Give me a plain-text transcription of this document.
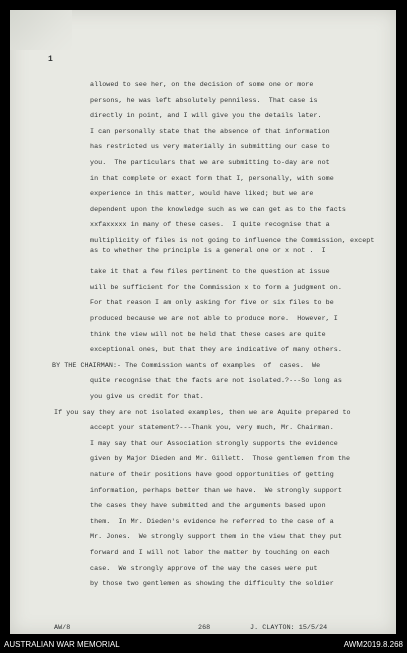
1
allowed to see her, on the decision of some one or more
persons, he was left absolutely penniless.  That case is
directly in point, and I will give you the details later.
I can personally state that the absence of that information
has restricted us very materially in submitting our case to
you.  The particulars that we are submitting to-day are not
in that complete or exact form that I, personally, with some
experience in this matter, would have liked; but we are
dependent upon the knowledge such as we can get as to the facts
xxfaxxxxx in many of these cases.  I quite recognise that a
multiplicity of files is not going to influence the Commission, except
as to whether the principle is a general one or x not .  I
take it that a few files pertinent to the question at issue
will be sufficient for the Commission x to form a judgment on.
For that reason I am only asking for five or six files to be
produced because we are not able to produce more.  However, I
think the view will not be held that these cases are quite
exceptional ones, but that they are indicative of many others.
BY THE CHAIRMAN:- The Commission wants of examples  of  cases.  We
quite recognise that the facts are not isolated.?---So long as
you give us credit for that.
If you say they are not isolated examples, then we are Aquite prepared to
accept your statement?---Thank you, very much, Mr. Chairman.
I may say that our Association strongly supports the evidence
given by Major Dieden and Mr. Gillett.  Those gentlemen from the
nature of their positions have good opportunities of getting
information, perhaps better than we have.  We strongly support
the cases they have submitted and the arguments based upon
them.  In Mr. Dieden's evidence he referred to the case of a
Mr. Jones.  We strongly support them in the view that they put
forward and I will not labor the matter by touching on each
case.  We strongly approve of the way the cases were put
by those two gentlemen as showing the difficulty the soldier
AW/8	268	J. CLAYTON: 15/5/24
AUSTRALIAN WAR MEMORIAL	AWM2019.8.268
